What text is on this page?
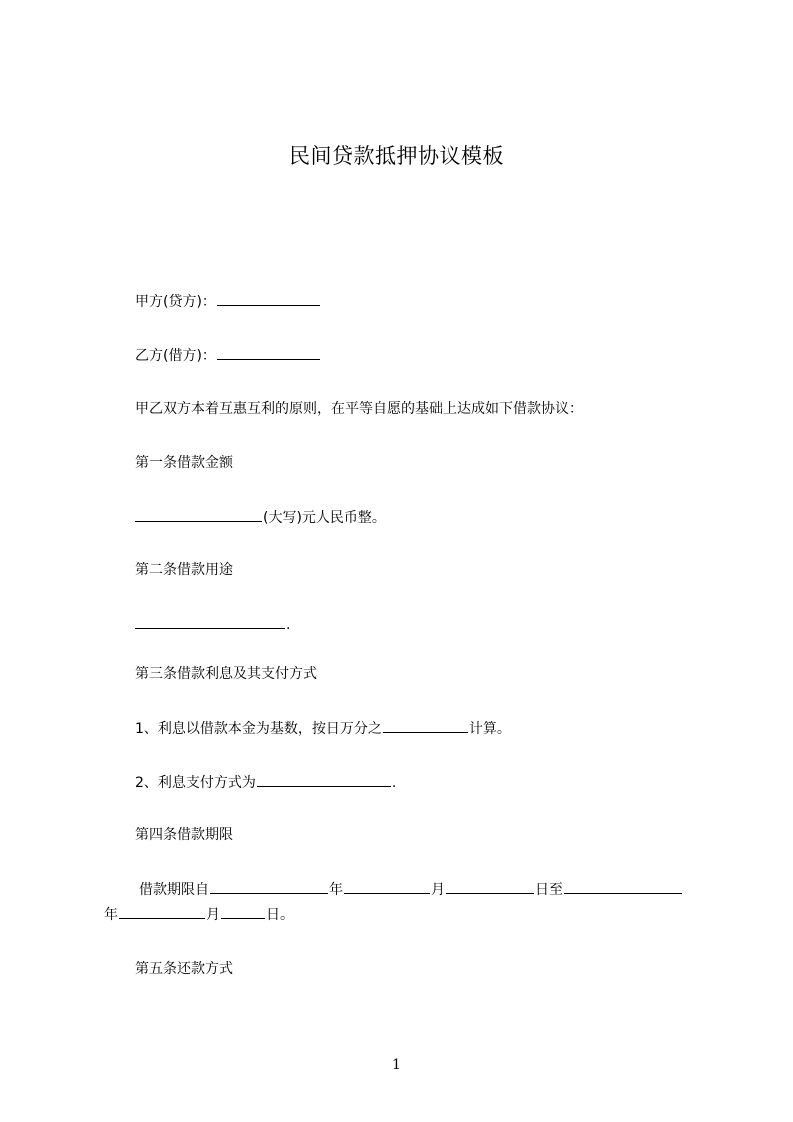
民间贷款抵押协议模板
甲方(贷方)：
乙方(借方)：
甲乙双方本着互惠互利的原则，在平等自愿的基础上达成如下借款协议：
第一条借款金额
(大写)元人民币整。
第二条借款用途
.
第三条借款利息及其支付方式
1、利息以借款本金为基数，按日万分之	计算。
2、利息支付方式为	.
第四条借款期限
借款期限自	年	月	日至
年	月	日。
第五条还款方式
1
